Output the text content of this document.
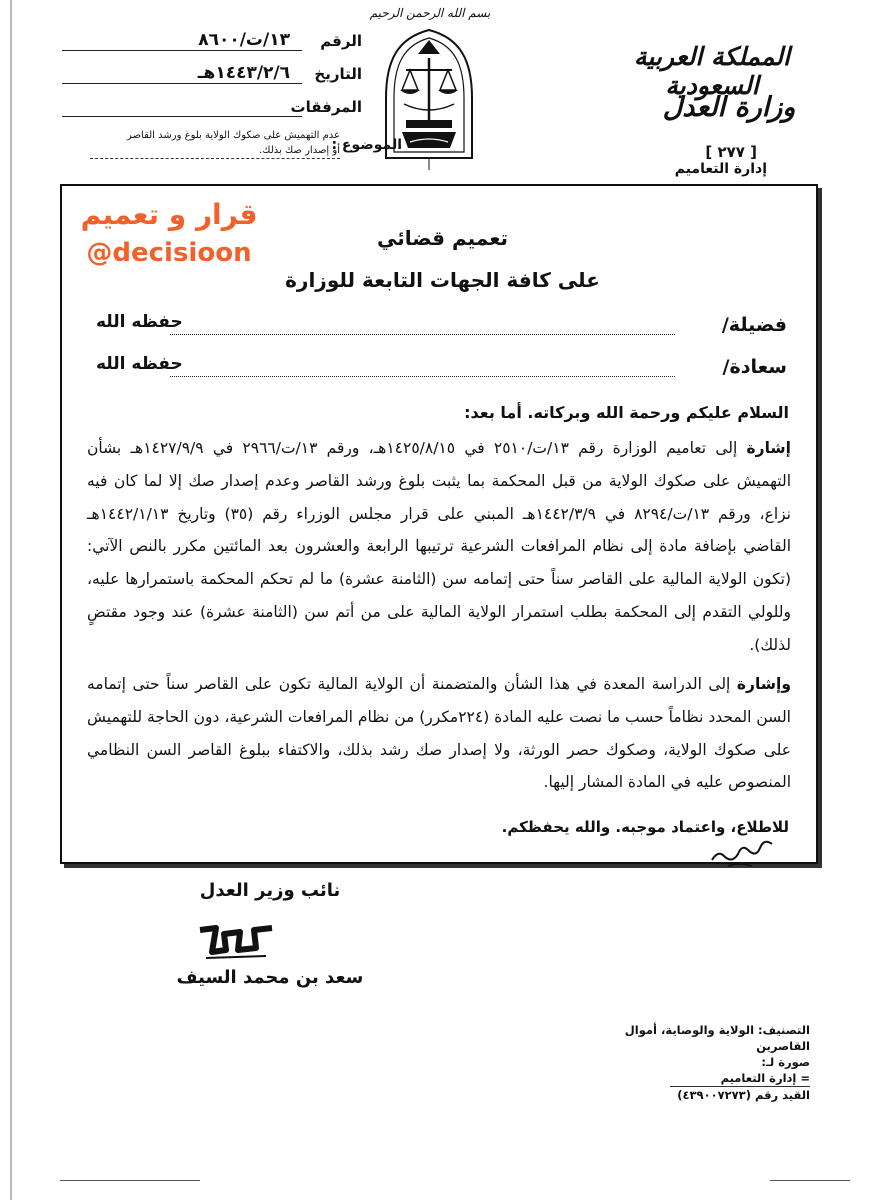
الرقم
١٣/ت/٨٦٠٠
التاريخ
١٤٤٣/٢/٦هـ
المرفقات
الموضوع :
عدم التهميش على صكوك الولاية بلوغ ورشد القاصر
أو إصدار صك بذلك.
بسم الله الرحمن الرحيم
المملكة العربية السعودية
وزارة العدل
[ ٢٧٧ ]
إدارة التعاميم
قرار و تعميم
@decisioon	تعميم قضائي
على كافة الجهات التابعة للوزارة
فضيلة/
حفظه الله
سعادة/
حفظه الله
السلام عليكم ورحمة الله وبركاته. أما بعد:
إشارة إلى تعاميم الوزارة رقم ١٣/ت/٢٥١٠ في ١٤٢٥/٨/١٥هـ، ورقم ١٣/ت/٢٩٦٦ في ١٤٢٧/٩/٩هـ بشأن التهميش على صكوك الولاية من قبل المحكمة بما يثبت بلوغ ورشد القاصر وعدم إصدار صك إلا لما كان فيه نزاع، ورقم ١٣/ت/٨٢٩٤ في ١٤٤٢/٣/٩هـ المبني على قرار مجلس الوزراء رقم (٣٥) وتاريخ ١٤٤٢/١/١٣هـ القاضي بإضافة مادة إلى نظام المرافعات الشرعية ترتيبها الرابعة والعشرون بعد المائتين مكرر بالنص الآتي: (تكون الولاية المالية على القاصر سناً حتى إتمامه سن (الثامنة عشرة) ما لم تحكم المحكمة باستمرارها عليه، وللولي التقدم إلى المحكمة بطلب استمرار الولاية المالية على من أتم سن (الثامنة عشرة) عند وجود مقتضٍ لذلك).
وإشارة إلى الدراسة المعدة في هذا الشأن والمتضمنة أن الولاية المالية تكون على القاصر سناً حتى إتمامه السن المحدد نظاماً حسب ما نصت عليه المادة (٢٢٤مكرر) من نظام المرافعات الشرعية، دون الحاجة للتهميش على صكوك الولاية، وصكوك حصر الورثة، ولا إصدار صك رشد بذلك، والاكتفاء ببلوغ القاصر السن النظامي المنصوص عليه في المادة المشار إليها.
للاطلاع، واعتماد موجبه. والله يحفظكم.
نائب وزير العدل
سعد بن محمد السيف
التصنيف: الولاية والوصاية، أموال القاصرين
صورة لـ:
= إدارة التعاميم
القيد رقم (٤٣٩٠٠٧٢٧٣)
